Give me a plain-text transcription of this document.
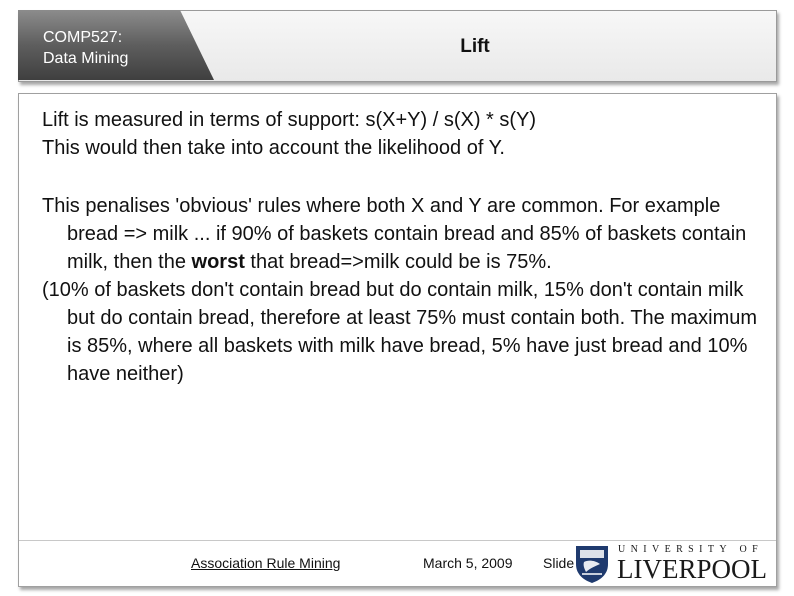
COMP527:
Data Mining
Lift

Lift is measured in terms of support: s(X+Y) / s(X) * s(Y)

This would then take into account the likelihood of Y.

This penalises 'obvious' rules where both X and Y are common. For example bread => milk ... if 90% of baskets contain bread and 85% of baskets contain milk, then the worst that bread=>milk could be is 75%.

(10% of baskets don't contain bread but do contain milk, 15% don't contain milk but do contain bread, therefore at least 75% must contain both. The maximum is 85%, where all baskets with milk have bread, 5% have just bread and 10% have neither)

Association Rule Mining	March 5, 2009 Slide
UNIVERSITY OF
LIVERPOOL
